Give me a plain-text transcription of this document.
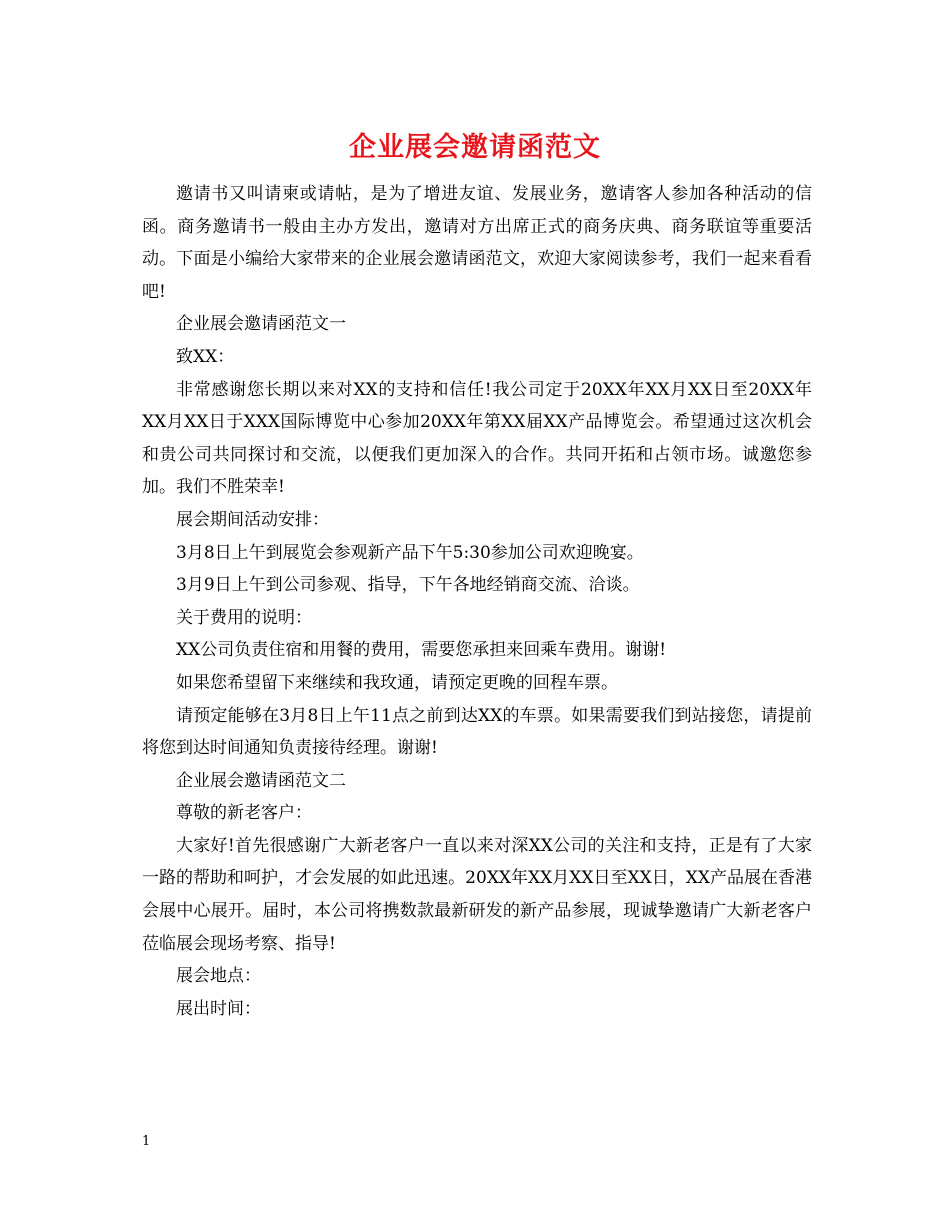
企业展会邀请函范文

邀请书又叫请柬或请帖，是为了增进友谊、发展业务，邀请客人参加各种活动的信函。商务邀请书一般由主办方发出，邀请对方出席正式的商务庆典、商务联谊等重要活动。下面是小编给大家带来的企业展会邀请函范文，欢迎大家阅读参考，我们一起来看看吧!

企业展会邀请函范文一

致XX：

非常感谢您长期以来对XX的支持和信任!我公司定于20XX年XX月XX日至20XX年XX月XX日于XXX国际博览中心参加20XX年第XX届XX产品博览会。希望通过这次机会和贵公司共同探讨和交流，以便我们更加深入的合作。共同开拓和占领市场。诚邀您参加。我们不胜荣幸!

展会期间活动安排：

3月8日上午到展览会参观新产品下午5:30参加公司欢迎晚宴。

3月9日上午到公司参观、指导，下午各地经销商交流、洽谈。

关于费用的说明：

XX公司负责住宿和用餐的费用，需要您承担来回乘车费用。谢谢!

如果您希望留下来继续和我玫通，请预定更晚的回程车票。

请预定能够在3月8日上午11点之前到达XX的车票。如果需要我们到站接您，请提前将您到达时间通知负责接待经理。谢谢!

企业展会邀请函范文二

尊敬的新老客户：

大家好!首先很感谢广大新老客户一直以来对深XX公司的关注和支持，正是有了大家一路的帮助和呵护，才会发展的如此迅速。20XX年XX月XX日至XX日，XX产品展在香港会展中心展开。届时，本公司将携数款最新研发的新产品参展，现诚挚邀请广大新老客户莅临展会现场考察、指导!

展会地点：

展出时间：

1
